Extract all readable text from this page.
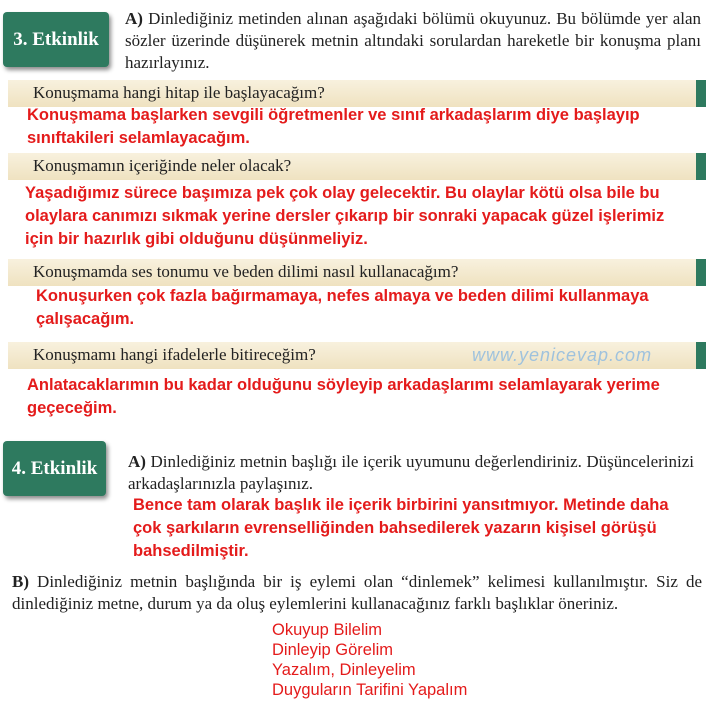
3. Etkinlik
A) Dinlediğiniz metinden alınan aşağıdaki bölümü okuyunuz. Bu bölümde yer alan sözler üzerinde düşünerek metnin altındaki sorulardan hareketle bir konuşma planı hazırlayınız.
Konuşmama hangi hitap ile başlayacağım?
Konuşmama başlarken sevgili öğretmenler ve sınıf arkadaşlarım diye başlayıp
sınıftakileri selamlayacağım.
Konuşmamın içeriğinde neler olacak?
Yaşadığımız sürece başımıza pek çok olay gelecektir. Bu olaylar kötü olsa bile bu
olaylara canımızı sıkmak yerine dersler çıkarıp bir sonraki yapacak güzel işlerimiz
için bir hazırlık gibi olduğunu düşünmeliyiz.
Konuşmamda ses tonumu ve beden dilimi nasıl kullanacağım?
Konuşurken çok fazla bağırmamaya, nefes almaya ve beden dilimi kullanmaya
çalışacağım.
Konuşmamı hangi ifadelerle bitireceğim?	www.yenicevap.com
Anlatacaklarımın bu kadar olduğunu söyleyip arkadaşlarımı selamlayarak yerime
geçeceğim.
4. Etkinlik	A) Dinlediğiniz metnin başlığı ile içerik uyumunu değerlendiriniz. Düşüncelerinizi arkadaşlarınızla paylaşınız.
Bence tam olarak başlık ile içerik birbirini yansıtmıyor. Metinde daha
çok şarkıların evrenselliğinden bahsedilerek yazarın kişisel görüşü
bahsedilmiştir.
B) Dinlediğiniz metnin başlığında bir iş eylemi olan “dinlemek” kelimesi kullanılmıştır. Siz de dinlediğiniz metne, durum ya da oluş eylemlerini kullanacağınız farklı başlıklar öneriniz.
Okuyup Bilelim
Dinleyip Görelim
Yazalım, Dinleyelim
Duyguların Tarifini Yapalım
